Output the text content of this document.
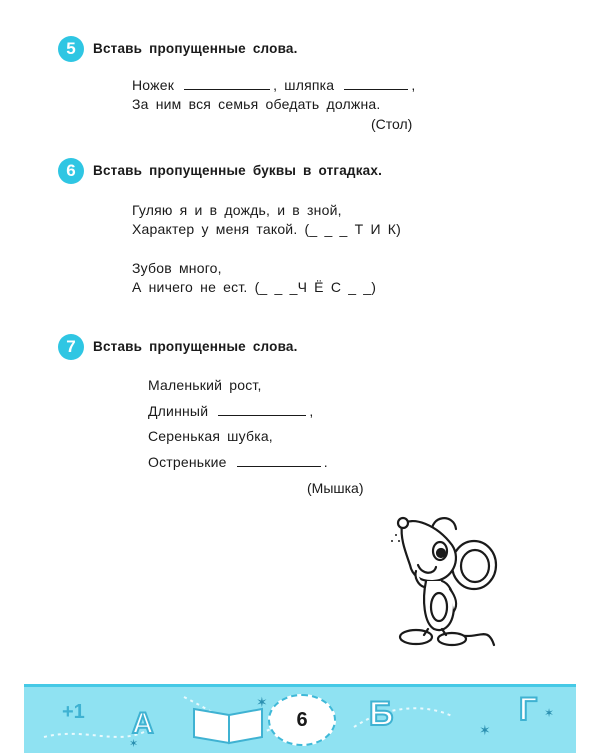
5	Вставь пропущенные слова.
Ножек	, шляпка	,
За ним вся семья обедать должна.
(Стол)
6	Вставь пропущенные буквы в отгадках.
Гуляю я и в дождь, и в зной,
Характер у меня такой. (_ _ _ Т И К)
Зубов много,
А ничего не ест. (_ _ _Ч Ё С _ _)
7	Вставь пропущенные слова.
Маленький рост,
Длинный	,
Серенькая шубка,
Остренькие	.
(Мышка)
✶
✶
✶
✶
+1 А	Б	Г
6
